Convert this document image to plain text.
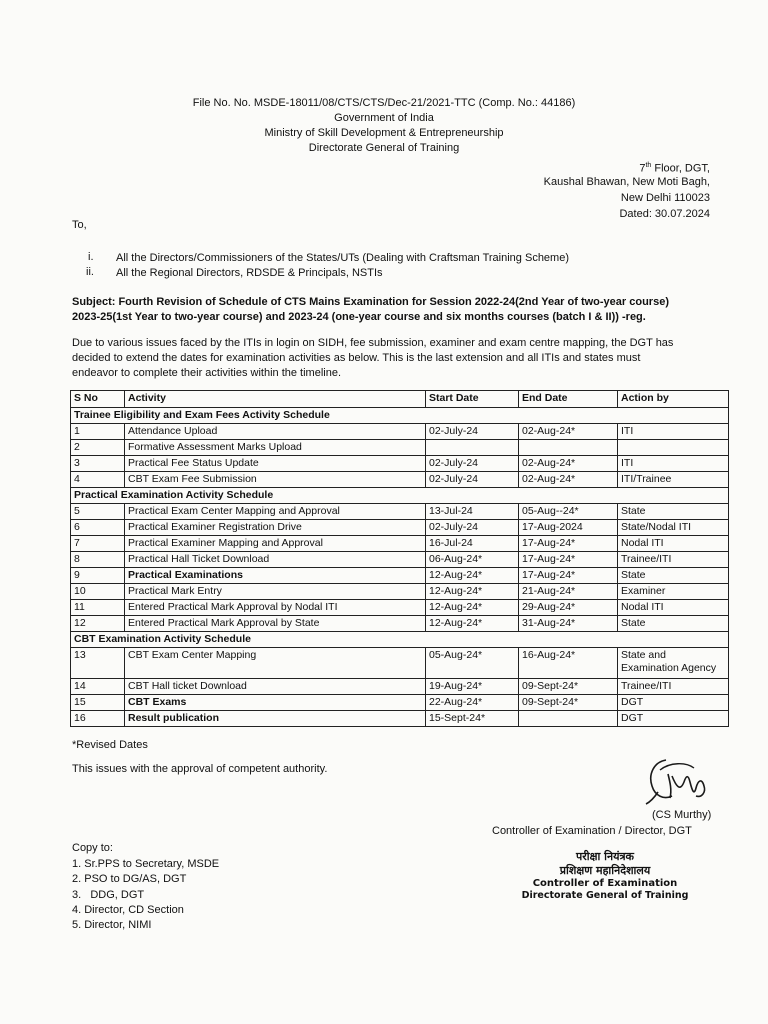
File No. No. MSDE-18011/08/CTS/CTS/Dec-21/2021-TTC (Comp. No.: 44186)
Government of India
Ministry of Skill Development & Entrepreneurship
Directorate General of Training
7th Floor, DGT,
Kaushal Bhawan, New Moti Bagh,
New Delhi 110023
Dated: 30.07.2024
To,
i. All the Directors/Commissioners of the States/UTs (Dealing with Craftsman Training Scheme)
ii. All the Regional Directors, RDSDE & Principals, NSTIs
Subject: Fourth Revision of Schedule of CTS Mains Examination for Session 2022-24(2nd Year of two-year course)
2023-25(1st Year to two-year course) and 2023-24 (one-year course and six months courses (batch I & II)) -reg.
Due to various issues faced by the ITIs in login on SIDH, fee submission, examiner and exam centre mapping, the DGT has
decided to extend the dates for examination activities as below. This is the last extension and all ITIs and states must
endeavor to complete their activities within the timeline.
S No	Activity	Start Date	End Date	Action by
Trainee Eligibility and Exam Fees Activity Schedule				
1	Attendance Upload	02-July-24	02-Aug-24*	ITI
2	Formative Assessment Marks Upload			
3	Practical Fee Status Update	02-July-24	02-Aug-24*	ITI
4	CBT Exam Fee Submission	02-July-24	02-Aug-24*	ITI/Trainee
Practical Examination Activity Schedule				
5	Practical Exam Center Mapping and Approval	13-Jul-24	05-Aug--24*	State
6	Practical Examiner Registration Drive	02-July-24	17-Aug-2024	State/Nodal ITI
7	Practical Examiner Mapping and Approval	16-Jul-24	17-Aug-24*	Nodal ITI
8	Practical Hall Ticket Download	06-Aug-24*	17-Aug-24*	Trainee/ITI
9	Practical Examinations	12-Aug-24*	17-Aug-24*	State
10	Practical Mark Entry	12-Aug-24*	21-Aug-24*	Examiner
11	Entered Practical Mark Approval by Nodal ITI	12-Aug-24*	29-Aug-24*	Nodal ITI
12	Entered Practical Mark Approval by State	12-Aug-24*	31-Aug-24*	State
CBT Examination Activity Schedule				
13	CBT Exam Center Mapping	05-Aug-24*	16-Aug-24*	State and Examination Agency
14	CBT Hall ticket Download	19-Aug-24*	09-Sept-24*	Trainee/ITI
15	CBT Exams	22-Aug-24*	09-Sept-24*	DGT
16	Result publication	15-Sept-24*		DGT
*Revised Dates
This issues with the approval of competent authority.
(CS Murthy)
Controller of Examination / Director, DGT
परीक्षा नियंत्रक
प्रशिक्षण महानिदेशालय
Controller of Examination
Directorate General of Training
Copy to:
1. Sr.PPS to Secretary, MSDE
2. PSO to DG/AS, DGT
3.   DDG, DGT
4. Director, CD Section
5. Director, NIMI
